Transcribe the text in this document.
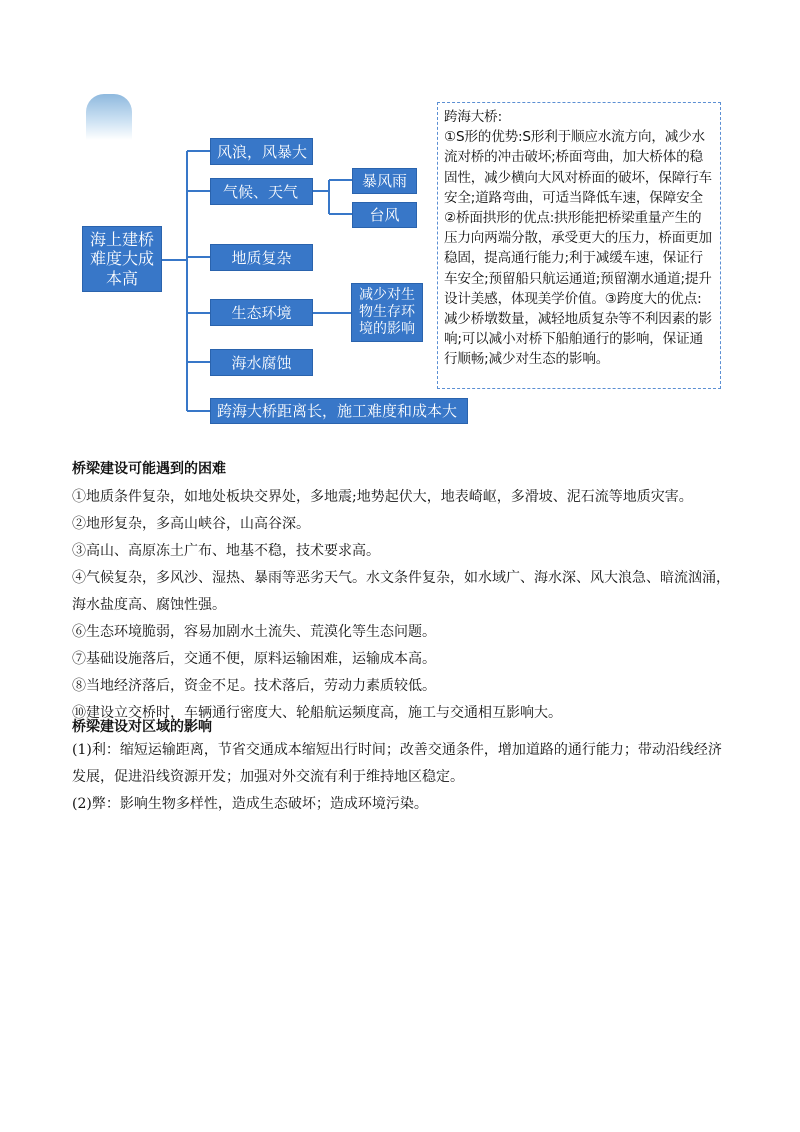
海上建桥难度大成本高
风浪，风暴大
气候、天气
暴风雨
台风
地质复杂
生态环境
减少对生物生存环境的影响
海水腐蚀
跨海大桥距离长，施工难度和成本大
跨海大桥:
①S形的优势:S形利于顺应水流方向，减少水流对桥的冲击破坏;桥面弯曲，加大桥体的稳固性，减少横向大风对桥面的破坏，保障行车安全;道路弯曲，可适当降低车速，保障安全②桥面拱形的优点:拱形能把桥梁重量产生的压力向两端分散，承受更大的压力，桥面更加稳固，提高通行能力;利于减缓车速，保证行车安全;预留船只航运通道;预留潮水通道;提升设计美感，体现美学价值。③跨度大的优点:减少桥墩数量，减轻地质复杂等不利因素的影响;可以减小对桥下船舶通行的影响，保证通行顺畅;减少对生态的影响。
桥梁建设可能遇到的困难
①地质条件复杂，如地处板块交界处，多地震;地势起伏大，地表崎岖，多滑坡、泥石流等地质灾害。
②地形复杂，多高山峡谷，山高谷深。
③高山、高原冻土广布、地基不稳，技术要求高。
④气候复杂，多风沙、湿热、暴雨等恶劣天气。水文条件复杂，如水域广、海水深、风大浪急、暗流汹涌，海水盐度高、腐蚀性强。
⑥生态环境脆弱，容易加剧水土流失、荒漠化等生态问题。
⑦基础设施落后，交通不便，原料运输困难，运输成本高。
⑧当地经济落后，资金不足。技术落后，劳动力素质较低。
⑩建设立交桥时，车辆通行密度大、轮船航运频度高，施工与交通相互影响大。
桥梁建设对区域的影响
(1)利：缩短运输距离，节省交通成本缩短出行时间；改善交通条件，增加道路的通行能力；带动沿线经济发展，促进沿线资源开发；加强对外交流有利于维持地区稳定。
(2)弊：影响生物多样性，造成生态破坏；造成环境污染。
